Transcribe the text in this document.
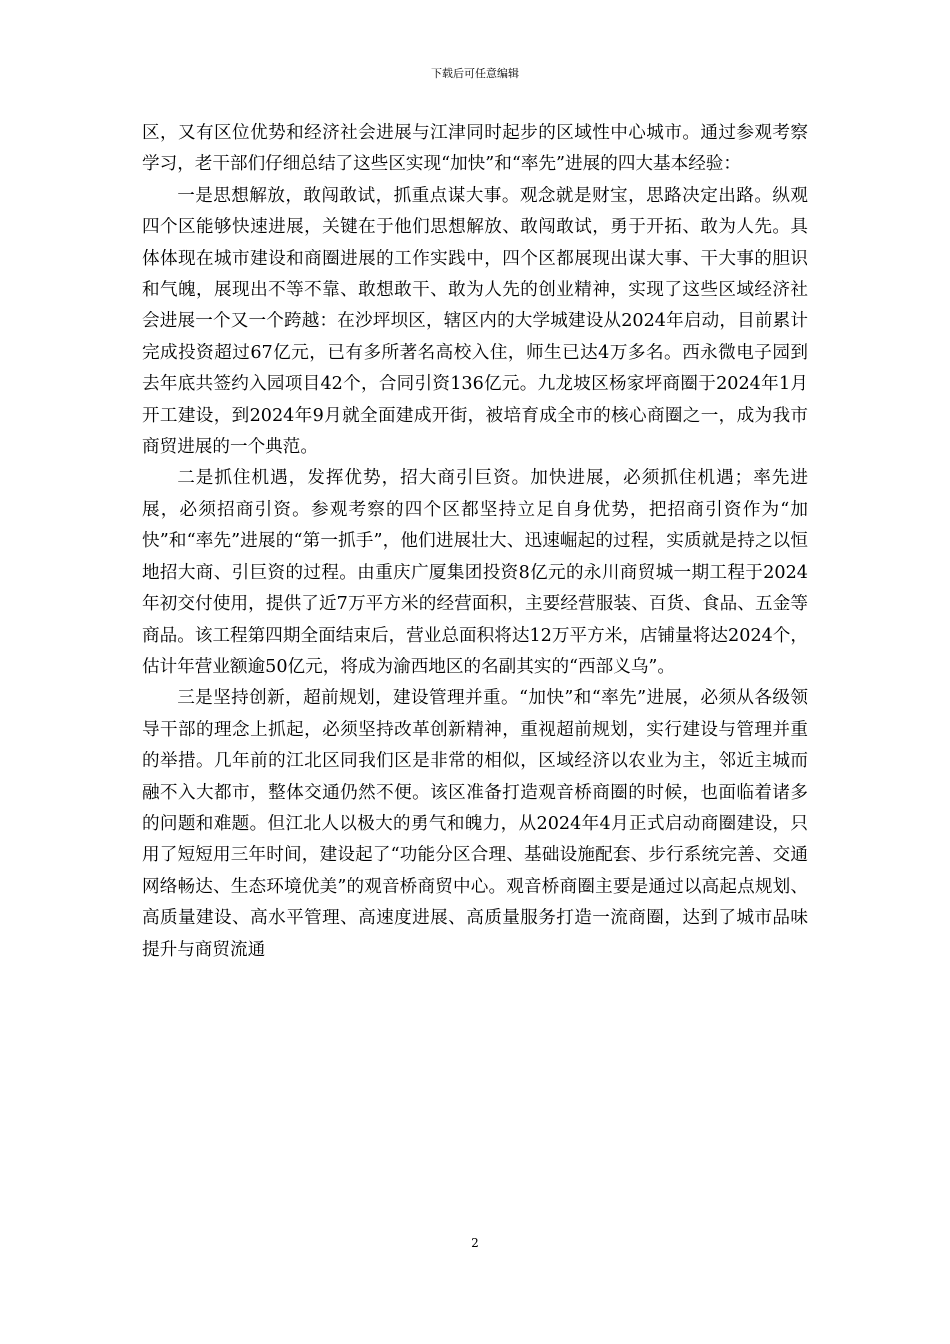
下载后可任意编辑

区，又有区位优势和经济社会进展与江津同时起步的区域性中心城市。通过参观考察学习，老干部们仔细总结了这些区实现“加快”和“率先”进展的四大基本经验：

一是思想解放，敢闯敢试，抓重点谋大事。观念就是财宝，思路决定出路。纵观四个区能够快速进展，关键在于他们思想解放、敢闯敢试，勇于开拓、敢为人先。具体体现在城市建设和商圈进展的工作实践中，四个区都展现出谋大事、干大事的胆识和气魄，展现出不等不靠、敢想敢干、敢为人先的创业精神，实现了这些区域经济社会进展一个又一个跨越：在沙坪坝区，辖区内的大学城建设从2024年启动，目前累计完成投资超过67亿元，已有多所著名高校入住，师生已达4万多名。西永微电子园到去年底共签约入园项目42个，合同引资136亿元。九龙坡区杨家坪商圈于2024年1月开工建设，到2024年9月就全面建成开街，被培育成全市的核心商圈之一，成为我市商贸进展的一个典范。

二是抓住机遇，发挥优势，招大商引巨资。加快进展，必须抓住机遇；率先进展，必须招商引资。参观考察的四个区都坚持立足自身优势，把招商引资作为“加快”和“率先”进展的“第一抓手”，他们进展壮大、迅速崛起的过程，实质就是持之以恒地招大商、引巨资的过程。由重庆广厦集团投资8亿元的永川商贸城一期工程于2024年初交付使用，提供了近7万平方米的经营面积，主要经营服装、百货、食品、五金等商品。该工程第四期全面结束后，营业总面积将达12万平方米，店铺量将达2024个，估计年营业额逾50亿元，将成为渝西地区的名副其实的“西部义乌”。

三是坚持创新，超前规划，建设管理并重。“加快”和“率先”进展，必须从各级领导干部的理念上抓起，必须坚持改革创新精神，重视超前规划，实行建设与管理并重的举措。几年前的江北区同我们区是非常的相似，区域经济以农业为主，邻近主城而融不入大都市，整体交通仍然不便。该区准备打造观音桥商圈的时候，也面临着诸多的问题和难题。但江北人以极大的勇气和魄力，从2024年4月正式启动商圈建设，只用了短短用三年时间，建设起了“功能分区合理、基础设施配套、步行系统完善、交通网络畅达、生态环境优美”的观音桥商贸中心。观音桥商圈主要是通过以高起点规划、高质量建设、高水平管理、高速度进展、高质量服务打造一流商圈，达到了城市品味提升与商贸流通

2
